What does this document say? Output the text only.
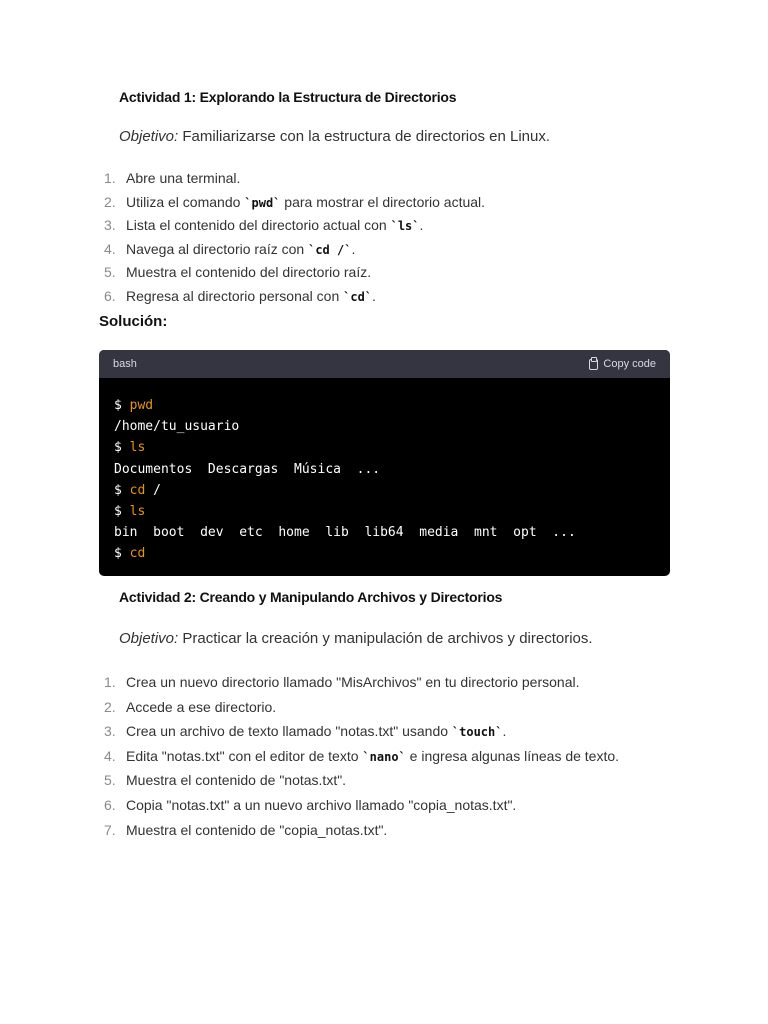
Actividad 1: Explorando la Estructura de Directorios
Objetivo: Familiarizarse con la estructura de directorios en Linux.
1. Abre una terminal.
2. Utiliza el comando `pwd` para mostrar el directorio actual.
3. Lista el contenido del directorio actual con `ls`.
4. Navega al directorio raíz con `cd /`.
5. Muestra el contenido del directorio raíz.
6. Regresa al directorio personal con `cd`.
Solución:
bash	Copy code
$ pwd
/home/tu_usuario
$ ls
Documentos  Descargas  Música  ...
$ cd /
$ ls
bin  boot  dev  etc  home  lib  lib64  media  mnt  opt  ...
$ cd
Actividad 2: Creando y Manipulando Archivos y Directorios
Objetivo: Practicar la creación y manipulación de archivos y directorios.
1. Crea un nuevo directorio llamado "MisArchivos" en tu directorio personal.
2. Accede a ese directorio.
3. Crea un archivo de texto llamado "notas.txt" usando `touch`.
4. Edita "notas.txt" con el editor de texto `nano` e ingresa algunas líneas de texto.
5. Muestra el contenido de "notas.txt".
6. Copia "notas.txt" a un nuevo archivo llamado "copia_notas.txt".
7. Muestra el contenido de "copia_notas.txt".
